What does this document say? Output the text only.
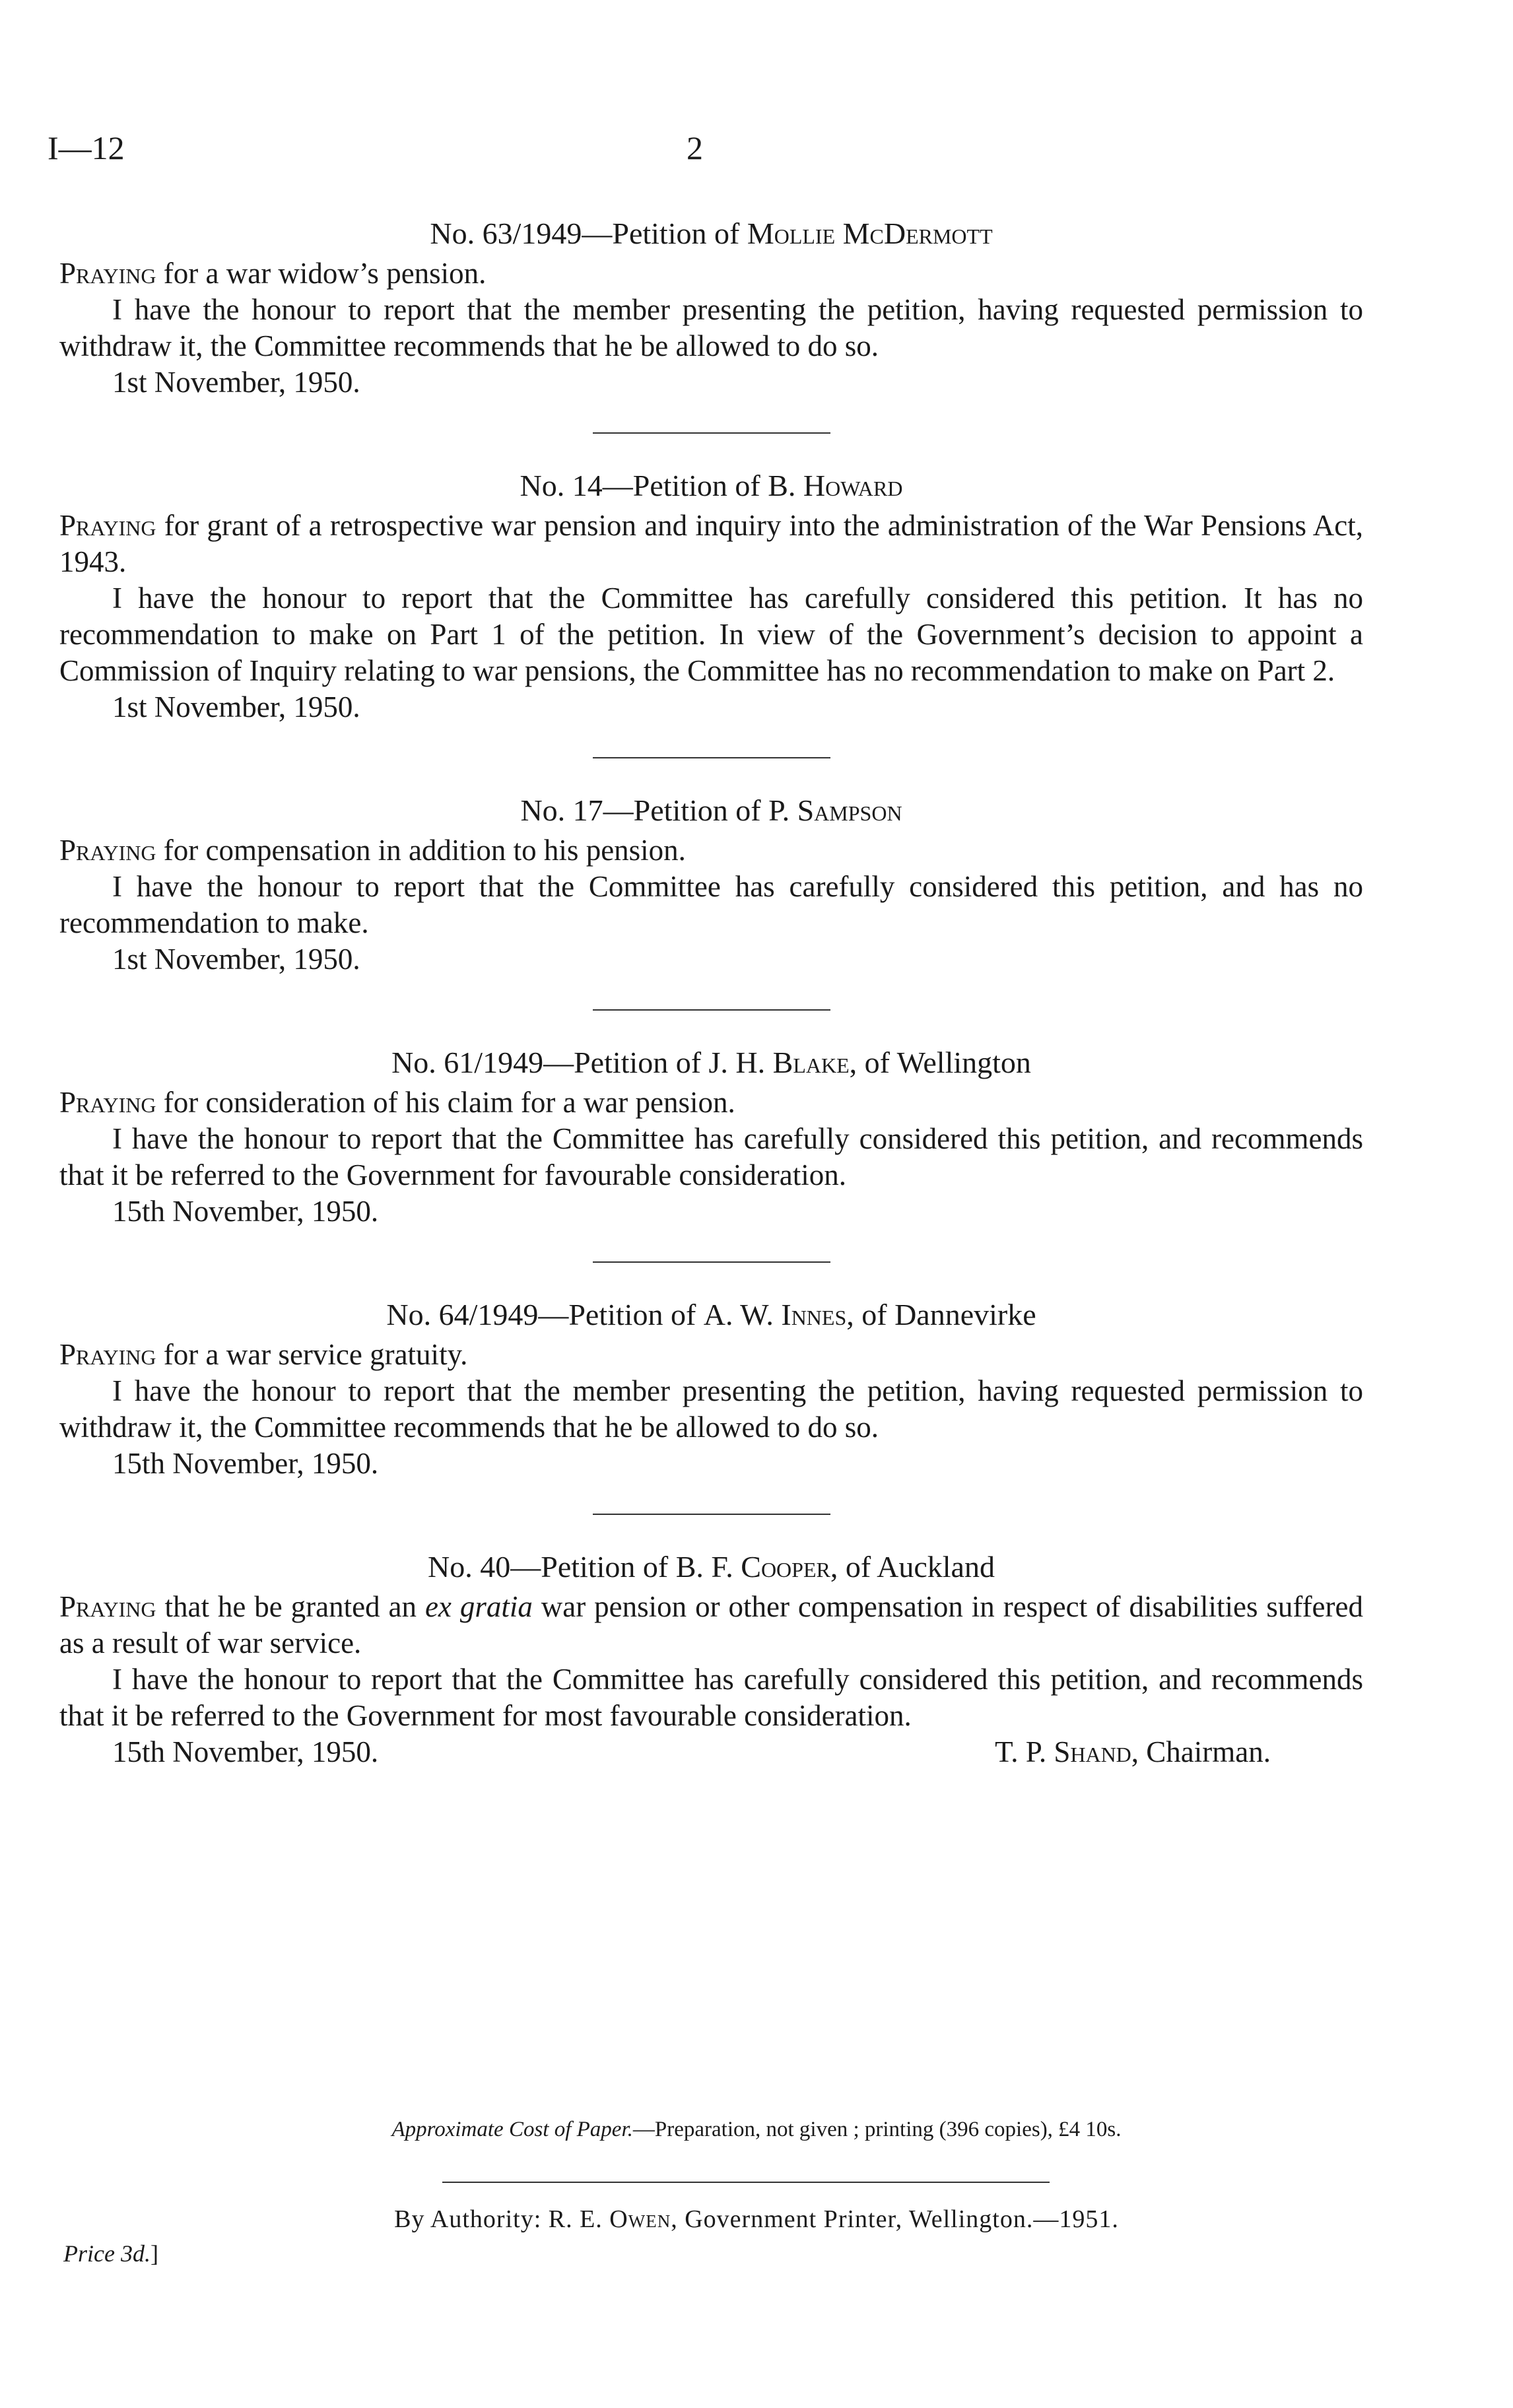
I—12	2

No. 63/1949—Petition of Mollie McDermott

Praying for a war widow’s pension.

I have the honour to report that the member presenting the petition, having requested permission to withdraw it, the Committee recommends that he be allowed to do so.

1st November, 1950.

No. 14—Petition of B. Howard

Praying for grant of a retrospective war pension and inquiry into the administration of the War Pensions Act, 1943.

I have the honour to report that the Committee has carefully considered this petition. It has no recommendation to make on Part 1 of the petition. In view of the Government’s decision to appoint a Commission of Inquiry relating to war pensions, the Committee has no recommendation to make on Part 2.

1st November, 1950.

No. 17—Petition of P. Sampson

Praying for compensation in addition to his pension.

I have the honour to report that the Committee has carefully considered this petition, and has no recommendation to make.

1st November, 1950.

No. 61/1949—Petition of J. H. Blake, of Wellington

Praying for consideration of his claim for a war pension.

I have the honour to report that the Committee has carefully considered this petition, and recommends that it be referred to the Government for favourable consideration.

15th November, 1950.

No. 64/1949—Petition of A. W. Innes, of Dannevirke

Praying for a war service gratuity.

I have the honour to report that the member presenting the petition, having requested permission to withdraw it, the Committee recommends that he be allowed to do so.

15th November, 1950.

No. 40—Petition of B. F. Cooper, of Auckland

Praying that he be granted an ex gratia war pension or other compensation in respect of disabilities suffered as a result of war service.

I have the honour to report that the Committee has carefully considered this petition, and recommends that it be referred to the Government for most favourable consideration.

15th November, 1950.	T. P. Shand, Chairman.
Approximate Cost of Paper.—Preparation, not given ; printing (396 copies), £4 10s.
By Authority: R. E. Owen, Government Printer, Wellington.—1951.
Price 3d.]
